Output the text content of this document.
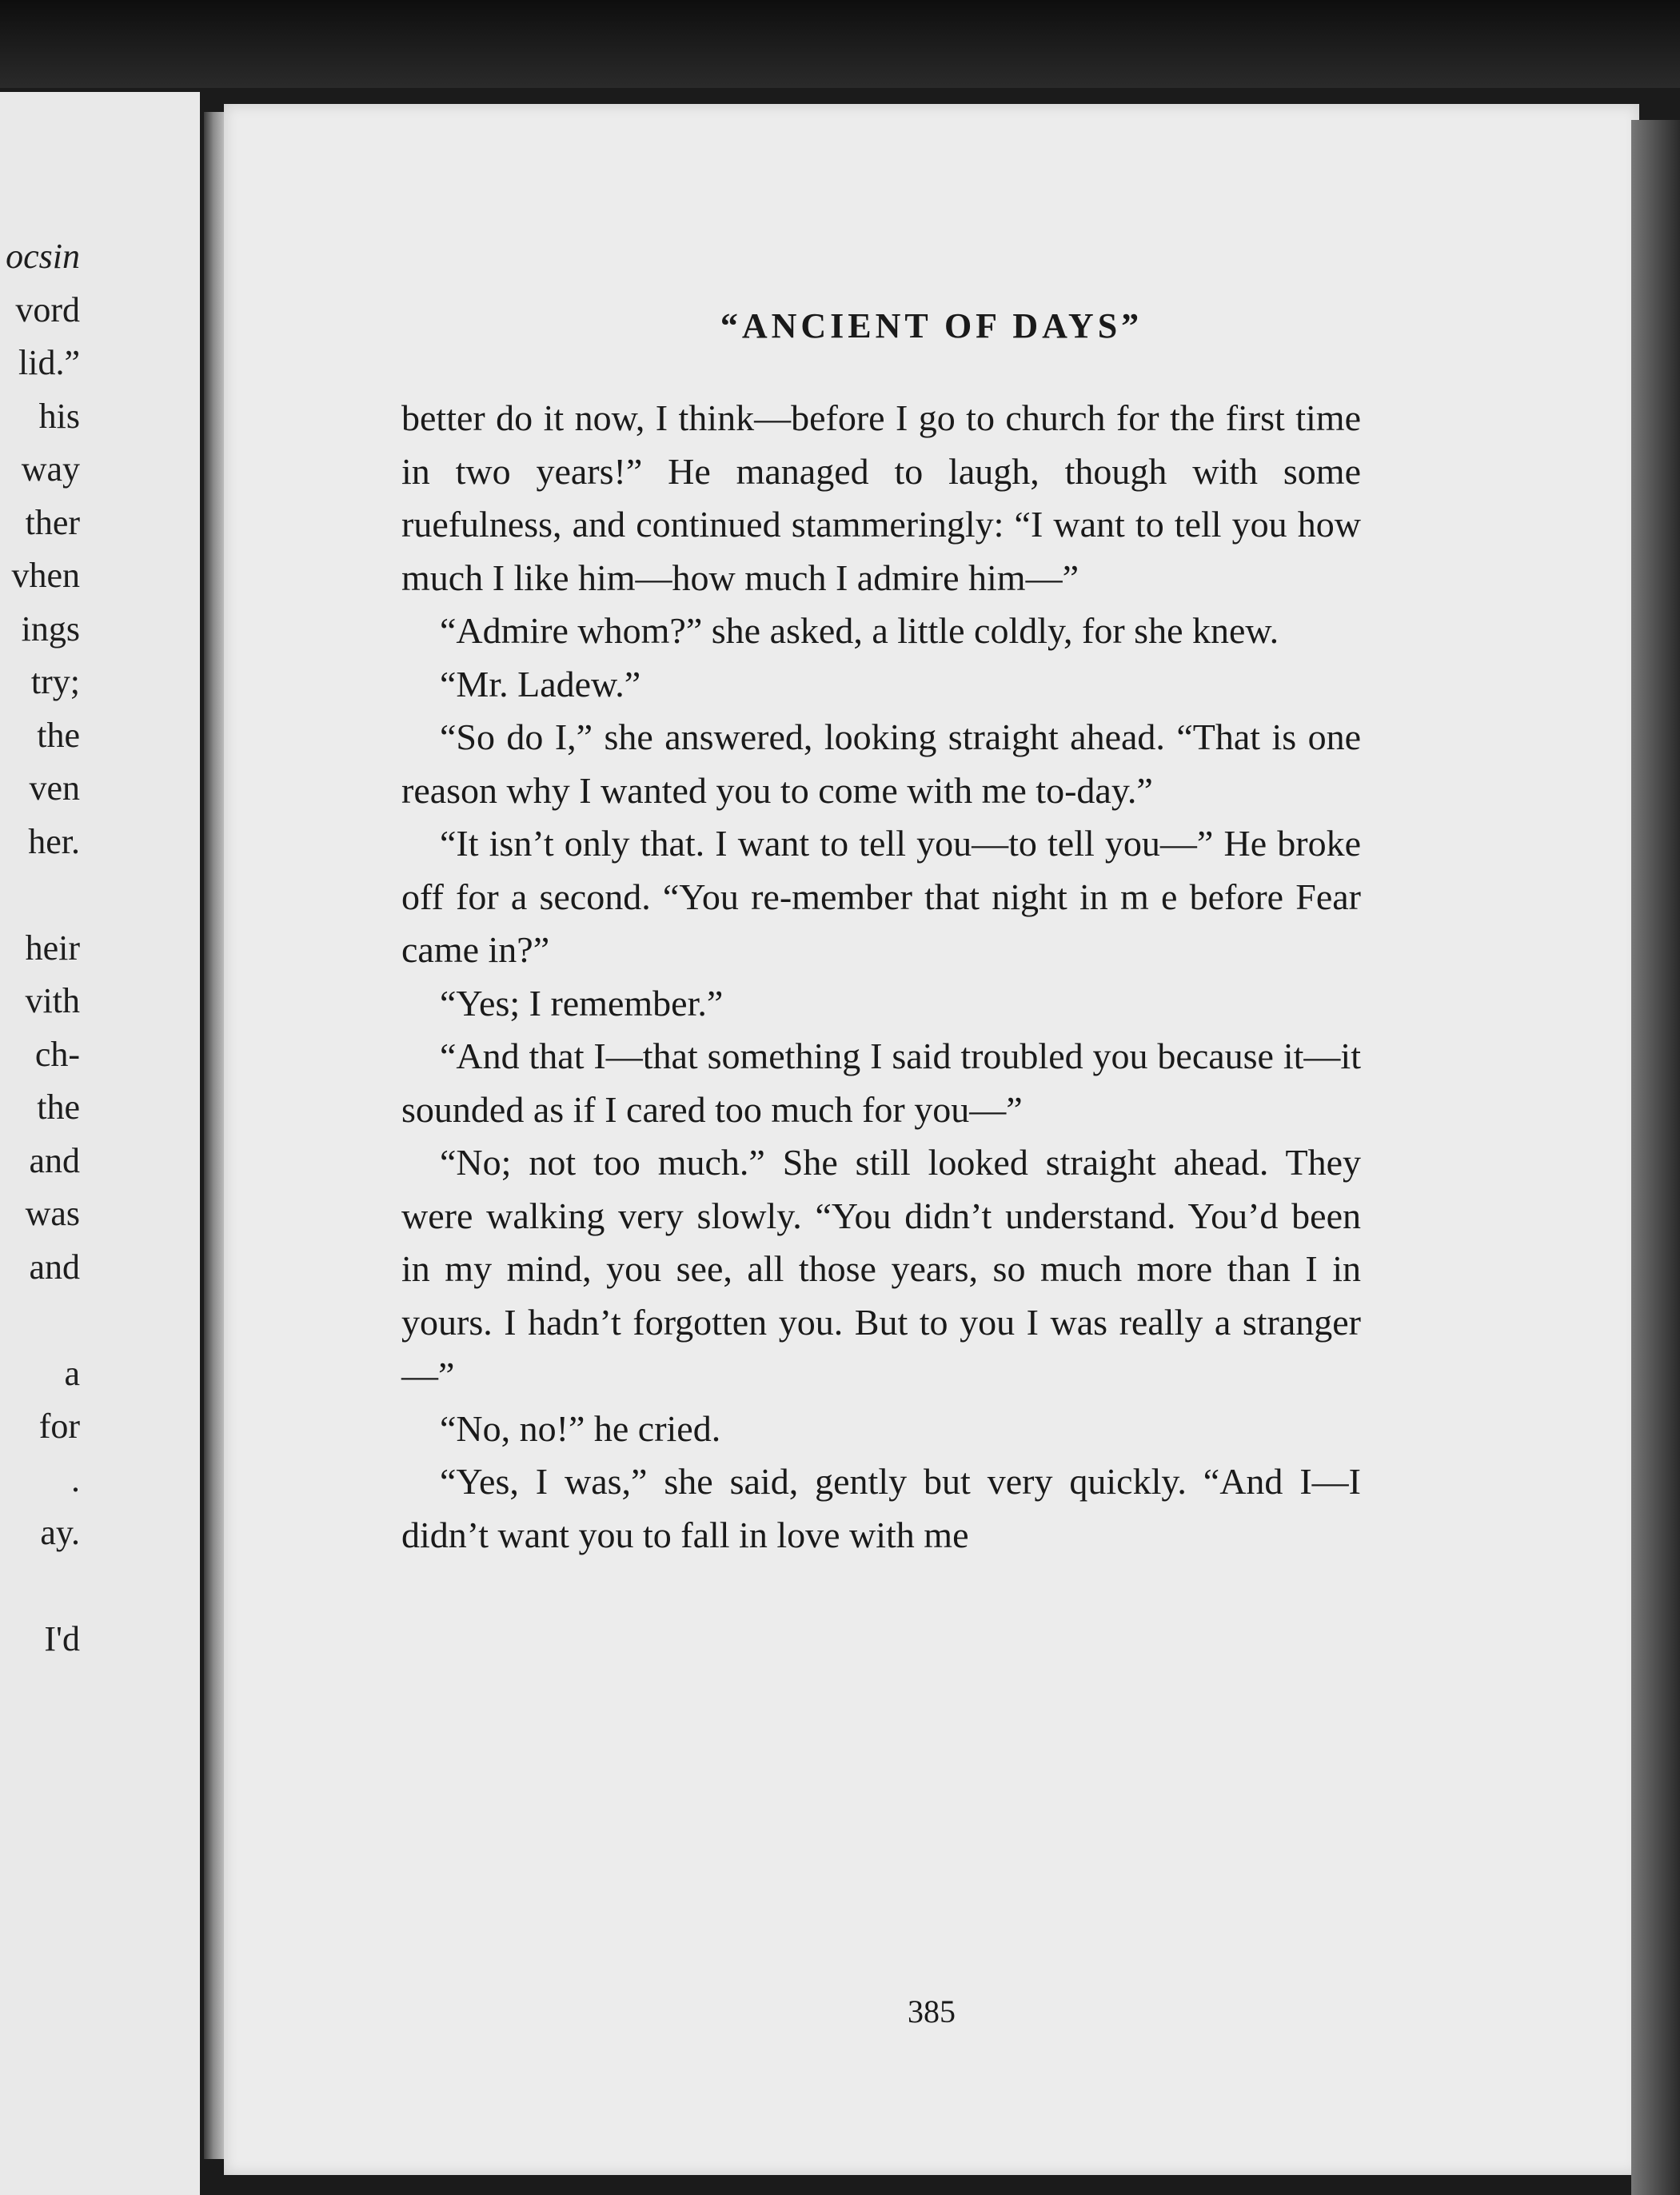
ocsin
vord
lid.”
his
way
ther
vhen
ings
try;
the
ven
her.
heir
vith
ch-
the
and
was
and
a
for
.
ay.
I'd
“ANCIENT OF DAYS”

better do it now, I think—before I go to church for the first time in two years!” He managed to laugh, though with some ruefulness, and continued stammeringly: “I want to tell you how much I like him—how much I admire him—”

“Admire whom?” she asked, a little coldly, for she knew.

“Mr. Ladew.”

“So do I,” she answered, looking straight ahead. “That is one reason why I wanted you to come with me to-day.”

“It isn’t only that. I want to tell you—to tell you—” He broke off for a second. “You re-member that night in m e before Fear came in?”

“Yes; I remember.”

“And that I—that something I said troubled you because it—it sounded as if I cared too much for you—”

“No; not too much.” She still looked straight ahead. They were walking very slowly. “You didn’t understand. You’d been in my mind, you see, all those years, so much more than I in yours. I hadn’t forgotten you. But to you I was really a stranger—”

“No, no!” he cried.

“Yes, I was,” she said, gently but very quickly. “And I—I didn’t want you to fall in love with me

385
